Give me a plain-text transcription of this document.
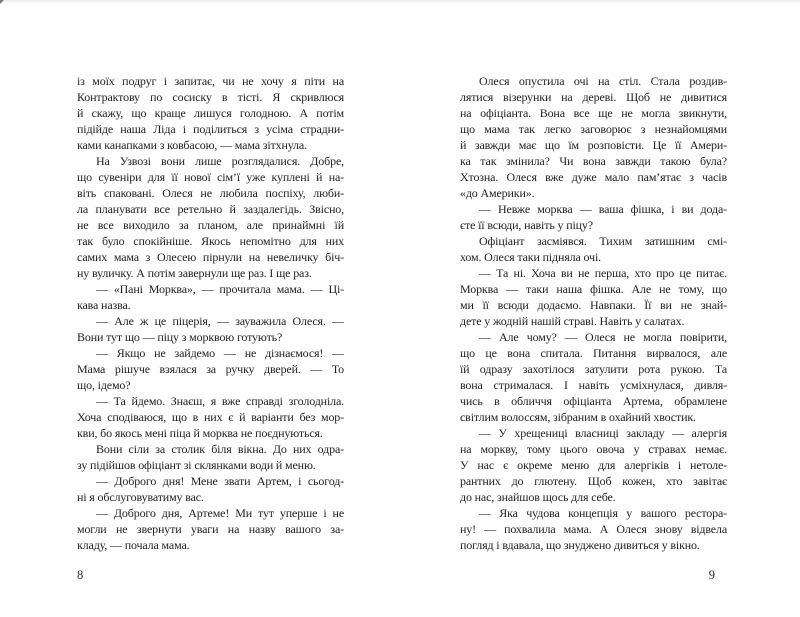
із моїх подруг і запитає, чи не хочу я піти на
Контрактову по сосиску в тісті. Я скривлюся
й скажу, що краще лишуся голодною. А потім
підійде наша Ліда і поділиться з усіма страдни-
ками канапками з ковбасою, — мама зітхнула.
На Узвозі вони лише розглядалися. Добре,
що сувеніри для її нової сім’ї уже куплені й на-
віть спаковані. Олеся не любила поспіху, люби-
ла планувати все ретельно й заздалегідь. Звісно,
не все виходило за планом, але принаймні їй
так було спокійніше. Якось непомітно для них
самих мама з Олесею пірнули на невеличку біч-
ну вуличку. А потім завернули ще раз. І ще раз.
— «Пані Морква», — прочитала мама. — Ці-
кава назва.
— Але ж це піцерія, — зауважила Олеся. —
Вони тут що — піцу з морквою готують?
— Якщо не зайдемо — не дізнаємося! —
Мама рішуче взялася за ручку дверей. — То
що, ідемо?
— Та йдемо. Знаєш, я вже справді зголодніла.
Хоча сподіваюся, що в них є й варіанти без мор-
кви, бо якось мені піца й морква не поєднуються.
Вони сіли за столик біля вікна. До них одра-
зу підійшов офіціант зі склянками води й меню.
— Доброго дня! Мене звати Артем, і сьогод-
ні я обслуговуватиму вас.
— Доброго дня, Артеме! Ми тут уперше і не
могли не звернути уваги на назву вашого за-
кладу, — почала мама.
Олеся опустила очі на стіл. Стала роздив-
лятися візерунки на дереві. Щоб не дивитися
на офіціанта. Вона все ще не могла звикнути,
що мама так легко заговорює з незнайомцями
й завжди має що їм розповісти. Це її Амери-
ка так змінила? Чи вона завжди такою була?
Хтозна. Олеся вже дуже мало пам’ятає з часів
«до Америки».
— Невже морква — ваша фішка, і ви дода-
єте її всюди, навіть у піцу?
Офіціант засміявся. Тихим затишним смі-
хом. Олеся таки підняла очі.
— Та ні. Хоча ви не перша, хто про це питає.
Морква — таки наша фішка. Але не тому, що
ми її всюди додаємо. Навпаки. Її ви не знай-
дете у жодній нашій страві. Навіть у салатах.
— Але чому? — Олеся не могла повірити,
що це вона спитала. Питання вирвалося, але
їй одразу захотілося затулити рота рукою. Та
вона стрималася. І навіть усміхнулася, дивля-
чись в обличчя офіціанта Артема, обрамлене
світлим волоссям, зібраним в охайний хвостик.
— У хрещениці власниці закладу — алергія
на моркву, тому цього овоча у стравах немає.
У нас є окреме меню для алергіків і нетоле-
рантних до глютену. Щоб кожен, хто завітає
до нас, знайшов щось для себе.
— Яка чудова концепція у вашого рестора-
ну! — похвалила мама. А Олеся знову відвела
погляд і вдавала, що знуджено дивиться у вікно.
8	9
